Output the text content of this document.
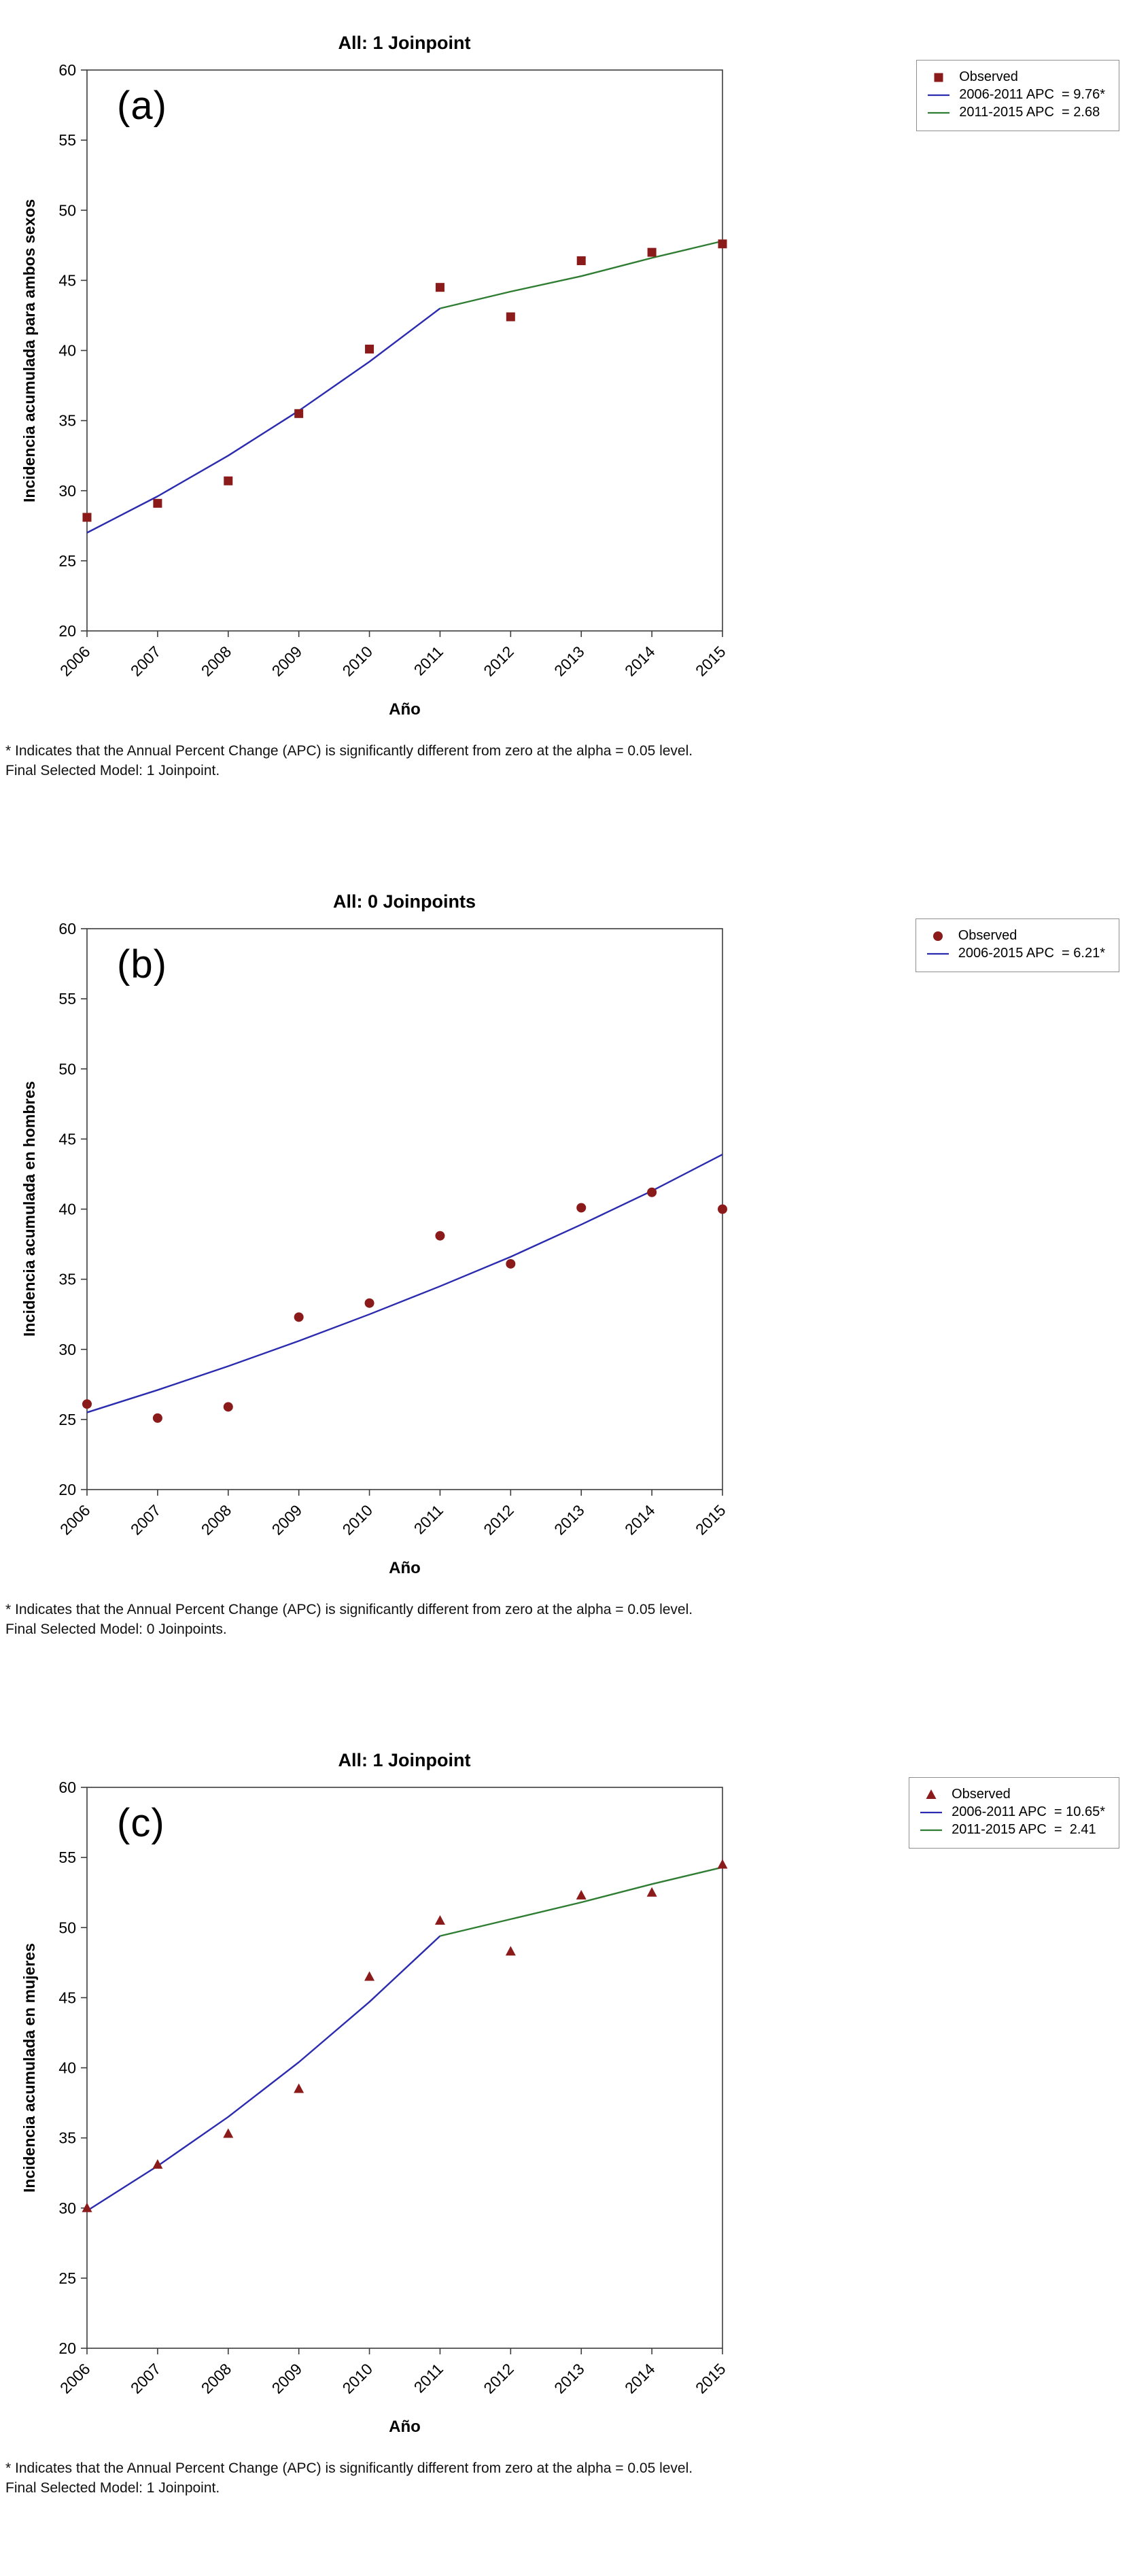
All: 1 Joinpoint
Observed
2006-2011 APC  = 9.76*
2011-2015 APC  = 2.68
Incidencia acumulada para ambos sexos
20
25
30
35
40
45
50
55
60
2006 2007 2008 2009 2010 2011 2012 2013 2014 2015
(a)
Año
* Indicates that the Annual Percent Change (APC) is significantly different from zero at the alpha = 0.05 level.
Final Selected Model: 1 Joinpoint.
All: 0 Joinpoints
Observed
2006-2015 APC  = 6.21*
Incidencia acumulada en hombres
20
25
30
35
40
45
50
55
60
2006 2007 2008 2009 2010 2011 2012 2013 2014 2015
(b)
Año
* Indicates that the Annual Percent Change (APC) is significantly different from zero at the alpha = 0.05 level.
Final Selected Model: 0 Joinpoints.
All: 1 Joinpoint
Observed
2006-2011 APC  = 10.65*
2011-2015 APC  =  2.41
Incidencia acumulada en mujeres
20
25
30
35
40
45
50
55
60
2006 2007 2008 2009 2010 2011 2012 2013 2014 2015
(c)
Año
* Indicates that the Annual Percent Change (APC) is significantly different from zero at the alpha = 0.05 level.
Final Selected Model: 1 Joinpoint.
